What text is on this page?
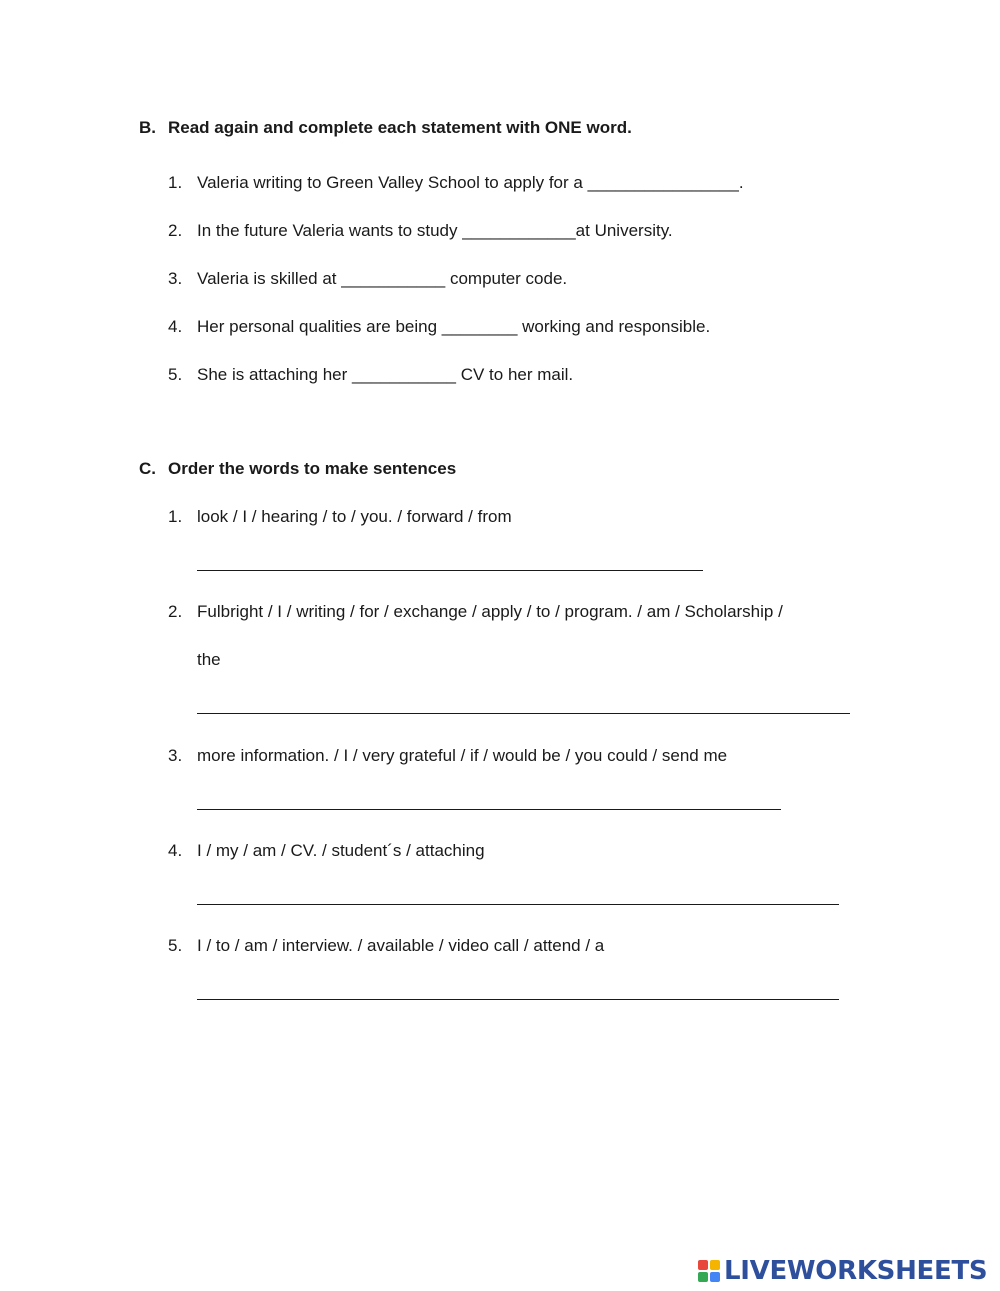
B. Read again and complete each statement with ONE word.
1. Valeria writing to Green Valley School to apply for a ________________.
2. In the future Valeria wants to study ____________at University.
3. Valeria is skilled at ___________ computer code.
4. Her personal qualities are being ________ working and responsible.
5. She is attaching her ___________ CV to her mail.
C. Order the words to make sentences
1. look / I / hearing / to / you. / forward / from
2. Fulbright / I / writing / for / exchange / apply / to / program. / am / Scholarship /
the
3. more information. / I / very grateful / if / would be / you could / send me
4. I / my / am / CV. / student´s / attaching
5. I / to / am / interview. / available / video call / attend / a
LIVEWORKSHEETS
